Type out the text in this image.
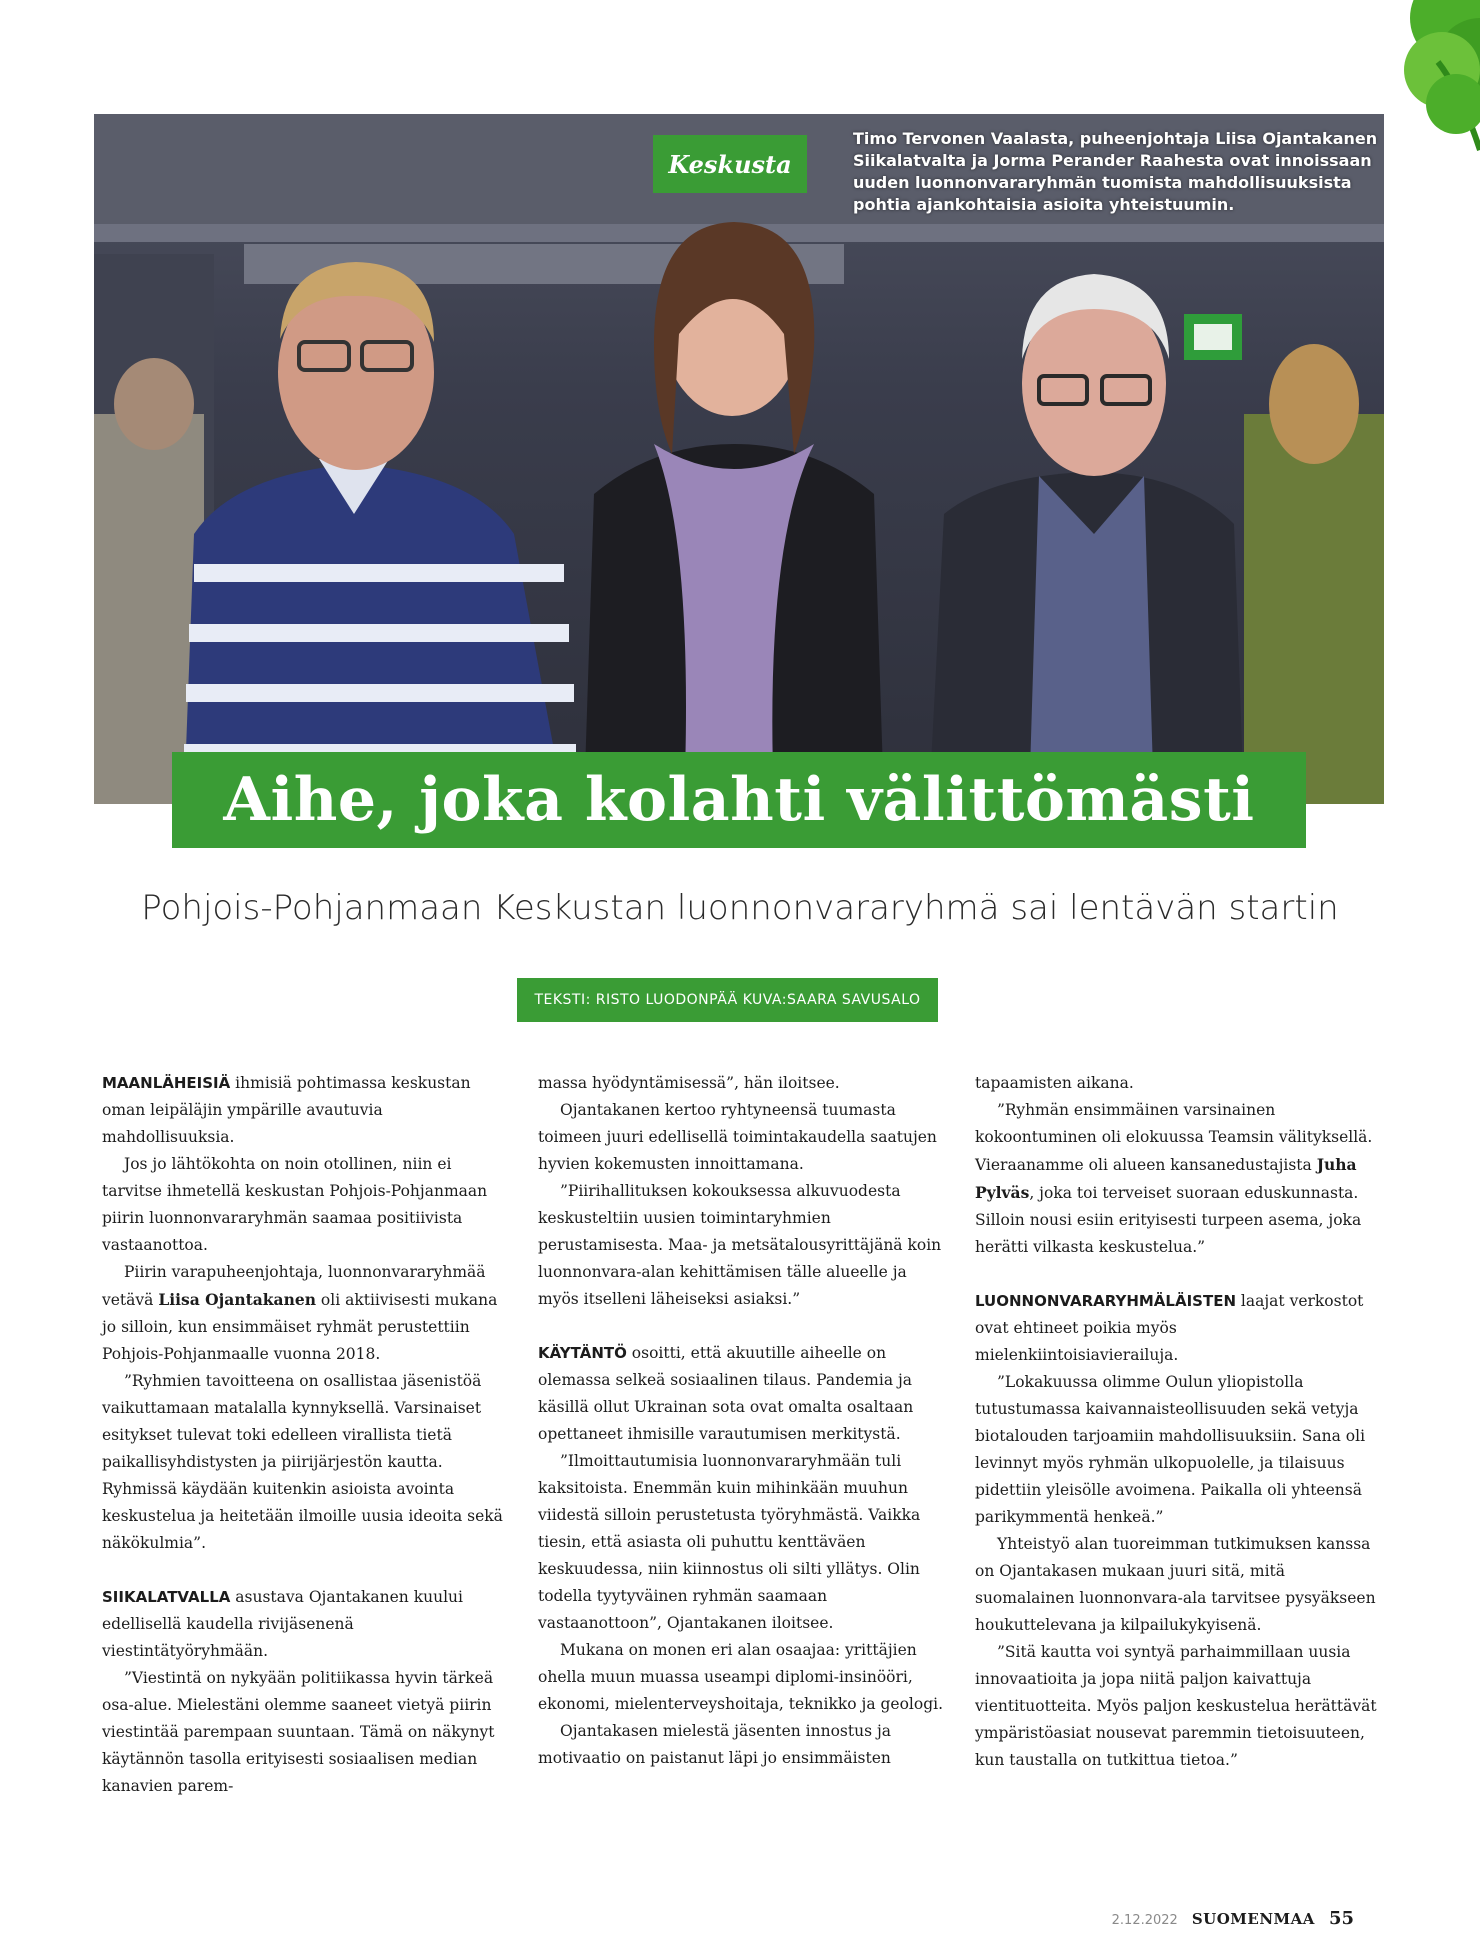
Keskusta
Timo Tervonen Vaalasta, puheenjohtaja Liisa Ojantakanen Siikalatvalta ja Jorma Perander Raahesta ovat innoissaan uuden luonnonvararyhmän tuomista mahdollisuuksista pohtia ajankohtaisia asioita yhteistuumin.
Aihe, joka kolahti välittömästi
Pohjois-Pohjanmaan Keskustan luonnonvararyhmä sai lentävän startin
TEKSTI: RISTO LUODONPÄÄ KUVA:SAARA SAVUSALO

MAANLÄHEISIÄ ihmisiä pohtimassa keskustan oman leipäläjin ympärille avautuvia mahdollisuuksia.

Jos jo lähtökohta on noin otollinen, niin ei tarvitse ihmetellä keskustan Pohjois-Pohjanmaan piirin luonnonvararyhmän saamaa positiivista vastaanottoa.

Piirin varapuheenjohtaja, luonnonvararyhmää vetävä Liisa Ojantakanen oli aktiivisesti mukana jo silloin, kun ensimmäiset ryhmät perustettiin Pohjois-Pohjanmaalle vuonna 2018.

”Ryhmien tavoitteena on osallistaa jäsenistöä vaikuttamaan matalalla kynnyksellä. Varsinaiset esitykset tulevat toki edelleen virallista tietä paikallisyhdistysten ja piirijärjestön kautta. Ryhmissä käydään kuitenkin asioista avointa keskustelua ja heitetään ilmoille uusia ideoita sekä näkökulmia”.

SIIKALATVALLA asustava Ojantakanen kuului edellisellä kaudella rivijäsenenä viestintätyöryhmään.

”Viestintä on nykyään politiikassa hyvin tärkeä osa-alue. Mielestäni olemme saaneet vietyä piirin viestintää parempaan suuntaan. Tämä on näkynyt käytännön tasolla erityisesti sosiaalisen median kanavien parem-

massa hyödyntämisessä”, hän iloitsee.

Ojantakanen kertoo ryhtyneensä tuumasta toimeen juuri edellisellä toimintakaudella saatujen hyvien kokemusten innoittamana.

”Piirihallituksen kokouksessa alkuvuodesta keskusteltiin uusien toimintaryhmien perustamisesta. Maa- ja metsätalousyrittäjänä koin luonnonvara-alan kehittämisen tälle alueelle ja myös itselleni läheiseksi asiaksi.”

KÄYTÄNTÖ osoitti, että akuutille aiheelle on olemassa selkeä sosiaalinen tilaus. Pandemia ja käsillä ollut Ukrainan sota ovat omalta osaltaan opettaneet ihmisille varautumisen merkitystä.

”Ilmoittautumisia luonnonvararyhmään tuli kaksitoista. Enemmän kuin mihinkään muuhun viidestä silloin perustetusta työryhmästä. Vaikka tiesin, että asiasta oli puhuttu kenttäväen keskuudessa, niin kiinnostus oli silti yllätys. Olin todella tyytyväinen ryhmän saamaan vastaanottoon”, Ojantakanen iloitsee.

Mukana on monen eri alan osaajaa: yrittäjien ohella muun muassa useampi diplomi-insinööri, ekonomi, mielenterveyshoitaja, teknikko ja geologi.

Ojantakasen mielestä jäsenten innostus ja motivaatio on paistanut läpi jo ensimmäisten

tapaamisten aikana.

”Ryhmän ensimmäinen varsinainen kokoontuminen oli elokuussa Teamsin välityksellä. Vieraanamme oli alueen kansanedustajista Juha Pylväs, joka toi terveiset suoraan eduskunnasta. Silloin nousi esiin erityisesti turpeen asema, joka herätti vilkasta keskustelua.”

LUONNONVARARYHMÄLÄISTEN laajat verkostot ovat ehtineet poikia myös mielenkiintoisiavierailuja.

”Lokakuussa olimme Oulun yliopistolla tutustumassa kaivannaisteollisuuden sekä vetyja biotalouden tarjoamiin mahdollisuuksiin. Sana oli levinnyt myös ryhmän ulkopuolelle, ja tilaisuus pidettiin yleisölle avoimena. Paikalla oli yhteensä parikymmentä henkeä.”

Yhteistyö alan tuoreimman tutkimuksen kanssa on Ojantakasen mukaan juuri sitä, mitä suomalainen luonnonvara-ala tarvitsee pysyäkseen houkuttelevana ja kilpailukykyisenä.

”Sitä kautta voi syntyä parhaimmillaan uusia innovaatioita ja jopa niitä paljon kaivattuja vientituotteita. Myös paljon keskustelua herättävät ympäristöasiat nousevat paremmin tietoisuuteen, kun taustalla on tutkittua tietoa.”

2.12.2022 SUOMENMAA 55
